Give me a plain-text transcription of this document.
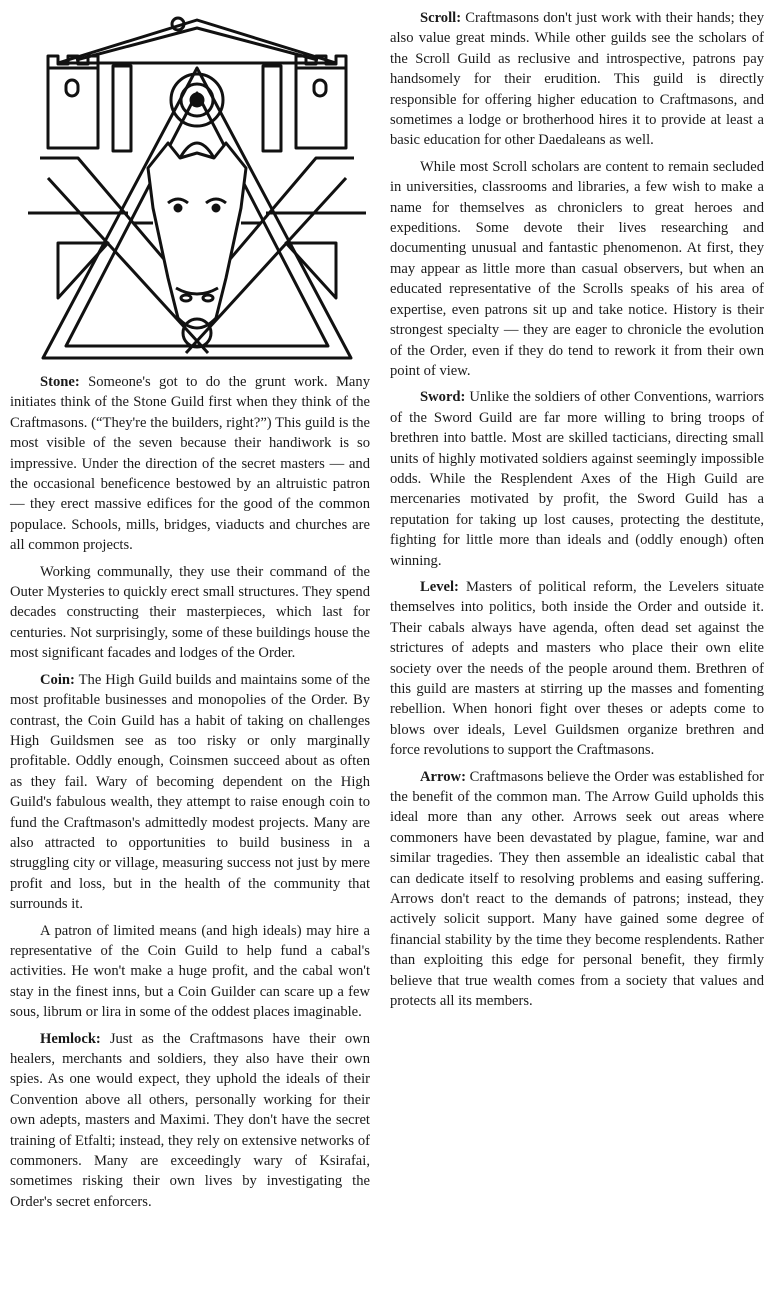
Stone: Someone's got to do the grunt work. Many initiates think of the Stone Guild first when they think of the Craftmasons. (“They're the builders, right?”) This guild is the most visible of the seven because their handiwork is so impressive. Under the direction of the secret masters — and the occasional beneficence bestowed by an altruistic patron — they erect massive edifices for the good of the common populace. Schools, mills, bridges, viaducts and churches are all common projects.

Working communally, they use their command of the Outer Mysteries to quickly erect small structures. They spend decades constructing their masterpieces, which last for centuries. Not surprisingly, some of these buildings house the most significant facades and lodges of the Order.

Coin: The High Guild builds and maintains some of the most profitable businesses and monopolies of the Order. By contrast, the Coin Guild has a habit of taking on challenges High Guildsmen see as too risky or only marginally profitable. Oddly enough, Coinsmen succeed about as often as they fail. Wary of becoming dependent on the High Guild's fabulous wealth, they attempt to raise enough coin to fund the Craftmason's admittedly modest projects. Many are also attracted to opportunities to build business in a struggling city or village, measuring success not just by mere profit and loss, but in the health of the community that surrounds it.

A patron of limited means (and high ideals) may hire a representative of the Coin Guild to help fund a cabal's activities. He won't make a huge profit, and the cabal won't stay in the finest inns, but a Coin Guilder can scare up a few sous, librum or lira in some of the oddest places imaginable.

Hemlock: Just as the Craftmasons have their own healers, merchants and soldiers, they also have their own spies. As one would expect, they uphold the ideals of their Convention above all others, personally working for their own adepts, masters and Maximi. They don't have the secret training of Etfalti; instead, they rely on extensive networks of commoners. Many are exceedingly wary of Ksirafai, sometimes risking their own lives by investigating the Order's secret enforcers.

Scroll: Craftmasons don't just work with their hands; they also value great minds. While other guilds see the scholars of the Scroll Guild as reclusive and introspective, patrons pay handsomely for their erudition. This guild is directly responsible for offering higher education to Craftmasons, and sometimes a lodge or brotherhood hires it to provide at least a basic education for other Daedaleans as well.

While most Scroll scholars are content to remain secluded in universities, classrooms and libraries, a few wish to make a name for themselves as chroniclers to great heroes and expeditions. Some devote their lives researching and documenting unusual and fantastic phenomenon. At first, they may appear as little more than casual observers, but when an educated representative of the Scrolls speaks of his area of expertise, even patrons sit up and take notice. History is their strongest specialty — they are eager to chronicle the evolution of the Order, even if they do tend to rework it from their own point of view.

Sword: Unlike the soldiers of other Conventions, warriors of the Sword Guild are far more willing to bring troops of brethren into battle. Most are skilled tacticians, directing small units of highly motivated soldiers against seemingly impossible odds. While the Resplendent Axes of the High Guild are mercenaries motivated by profit, the Sword Guild has a reputation for taking up lost causes, protecting the destitute, fighting for little more than ideals and (oddly enough) often winning.

Level: Masters of political reform, the Levelers situate themselves into politics, both inside the Order and outside it. Their cabals always have agenda, often dead set against the strictures of adepts and masters who place their own elite society over the needs of the people around them. Brethren of this guild are masters at stirring up the masses and fomenting rebellion. When honori fight over theses or adepts come to blows over ideals, Level Guildsmen organize brethren and force revolutions to support the Craftmasons.

Arrow: Craftmasons believe the Order was established for the benefit of the common man. The Arrow Guild upholds this ideal more than any other. Arrows seek out areas where commoners have been devastated by plague, famine, war and similar tragedies. They then assemble an idealistic cabal that can dedicate itself to resolving problems and easing suffering. Arrows don't react to the demands of patrons; instead, they actively solicit support. Many have gained some degree of financial stability by the time they become resplendents. Rather than exploiting this edge for personal benefit, they firmly believe that true wealth comes from a society that values and protects all its members.
